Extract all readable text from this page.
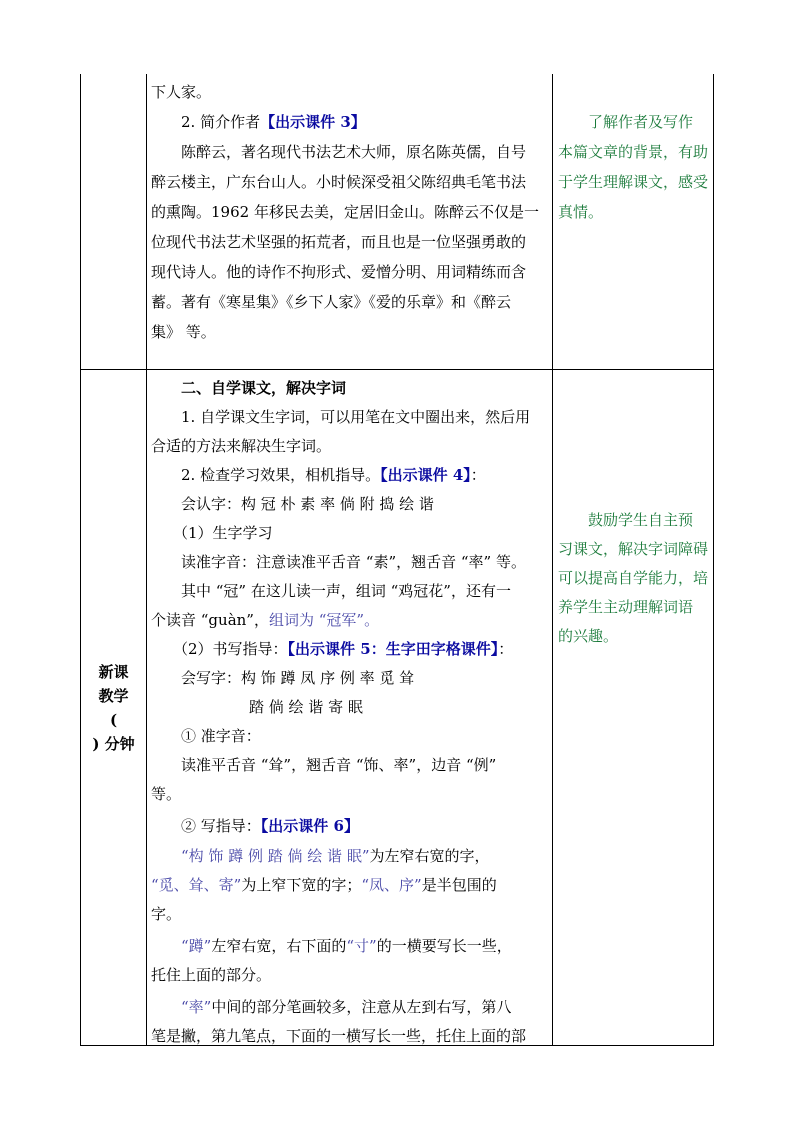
下人家。

2. 简介作者【出示课件 3】

陈醉云，著名现代书法艺术大师，原名陈英儒，自号

醉云楼主，广东台山人。小时候深受祖父陈绍典毛笔书法

的熏陶。1962 年移民去美，定居旧金山。陈醉云不仅是一

位现代书法艺术坚强的拓荒者，而且也是一位坚强勇敢的

现代诗人。他的诗作不拘形式、爱憎分明、用词精练而含

蓄。著有《寒星集》《乡下人家》《爱的乐章》和《醉云

集》 等。

了解作者及写作

本篇文章的背景，有助

于学生理解课文，感受

真情。

新课
教学
(
) 分钟

二、自学课文，解决字词

1. 自学课文生字词，可以用笔在文中圈出来，然后用

合适的方法来解决生字词。

2. 检查学习效果，相机指导。【出示课件 4】：

会认字：构 冠 朴 素 率 倘 附 捣 绘 谐

（1）生字学习

读准字音：注意读准平舌音 “素”，翘舌音 “率” 等。

其中 “冠” 在这儿读一声，组词 “鸡冠花”，还有一

个读音 “guàn”，组词为 “冠军”。

（2）书写指导：【出示课件 5：生字田字格课件】：

会写字：构 饰 蹲 凤 序 例 率 觅 耸

踏 倘 绘 谐 寄 眠

① 准字音：

读准平舌音 “耸”，翘舌音 “饰、率”，边音 “例”

等。

② 写指导：【出示课件 6】

“构 饰 蹲 例 踏 倘 绘 谐 眠”为左窄右宽的字，

“觅、耸、寄”为上窄下宽的字；“凤、序”是半包围的

字。

“蹲”左窄右宽，右下面的“寸”的一横要写长一些，

托住上面的部分。

“率”中间的部分笔画较多，注意从左到右写，第八

笔是撇，第九笔点，下面的一横写长一些，托住上面的部

鼓励学生自主预

习课文，解决字词障碍

可以提高自学能力，培

养学生主动理解词语

的兴趣。
